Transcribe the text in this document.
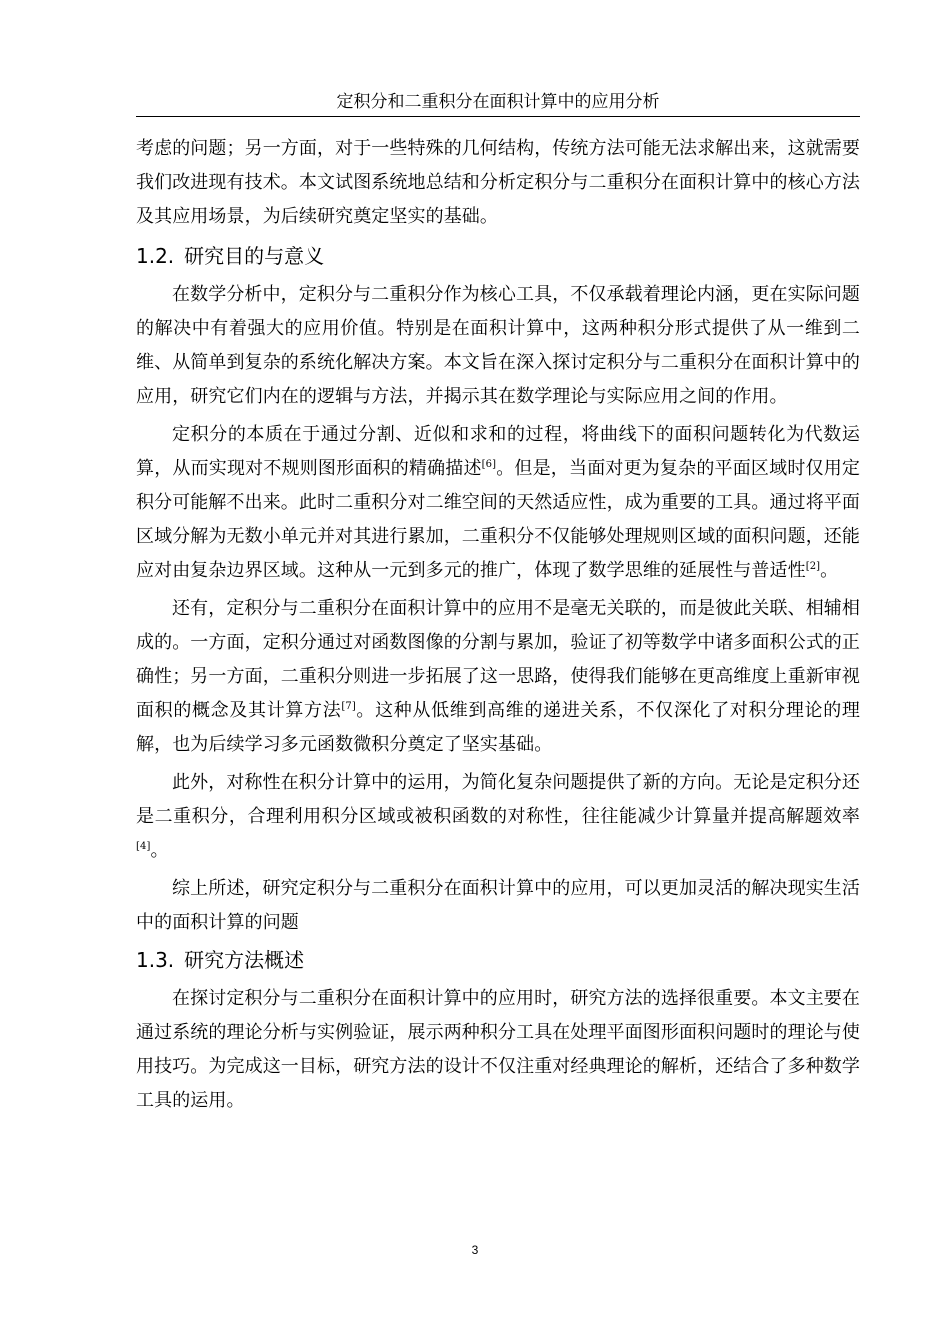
定积分和二重积分在面积计算中的应用分析

考虑的问题；另一方面，对于一些特殊的几何结构，传统方法可能无法求解出来，这就需要

我们改进现有技术。本文试图系统地总结和分析定积分与二重积分在面积计算中的核心方法及其应用场景，为后续研究奠定坚实的基础。

1.2. 研究目的与意义

在数学分析中，定积分与二重积分作为核心工具，不仅承载着理论内涵，更在实际问题的解决中有着强大的应用价值。特别是在面积计算中，这两种积分形式提供了从一维到二维、从简单到复杂的系统化解决方案。本文旨在深入探讨定积分与二重积分在面积计算中的应用，研究它们内在的逻辑与方法，并揭示其在数学理论与实际应用之间的作用。

定积分的本质在于通过分割、近似和求和的过程，将曲线下的面积问题转化为代数运算，从而实现对不规则图形面积的精确描述[6]。但是，当面对更为复杂的平面区域时仅用定积分可能解不出来。此时二重积分对二维空间的天然适应性，成为重要的工具。通过将平面区域分解为无数小单元并对其进行累加，二重积分不仅能够处理规则区域的面积问题，还能应对由复杂边界区域。这种从一元到多元的推广，体现了数学思维的延展性与普适性[2]。

还有，定积分与二重积分在面积计算中的应用不是毫无关联的，而是彼此关联、相辅相成的。一方面，定积分通过对函数图像的分割与累加，验证了初等数学中诸多面积公式的正确性；另一方面，二重积分则进一步拓展了这一思路，使得我们能够在更高维度上重新审视面积的概念及其计算方法[7]。这种从低维到高维的递进关系，不仅深化了对积分理论的理解，也为后续学习多元函数微积分奠定了坚实基础。

此外，对称性在积分计算中的运用，为简化复杂问题提供了新的方向。无论是定积分还是二重积分，合理利用积分区域或被积函数的对称性，往往能减少计算量并提高解题效率[4]。

综上所述，研究定积分与二重积分在面积计算中的应用，可以更加灵活的解决现实生活中的面积计算的问题

1.3. 研究方法概述

在探讨定积分与二重积分在面积计算中的应用时，研究方法的选择很重要。本文主要在通过系统的理论分析与实例验证，展示两种积分工具在处理平面图形面积问题时的理论与使用技巧。为完成这一目标，研究方法的设计不仅注重对经典理论的解析，还结合了多种数学工具的运用。

3
